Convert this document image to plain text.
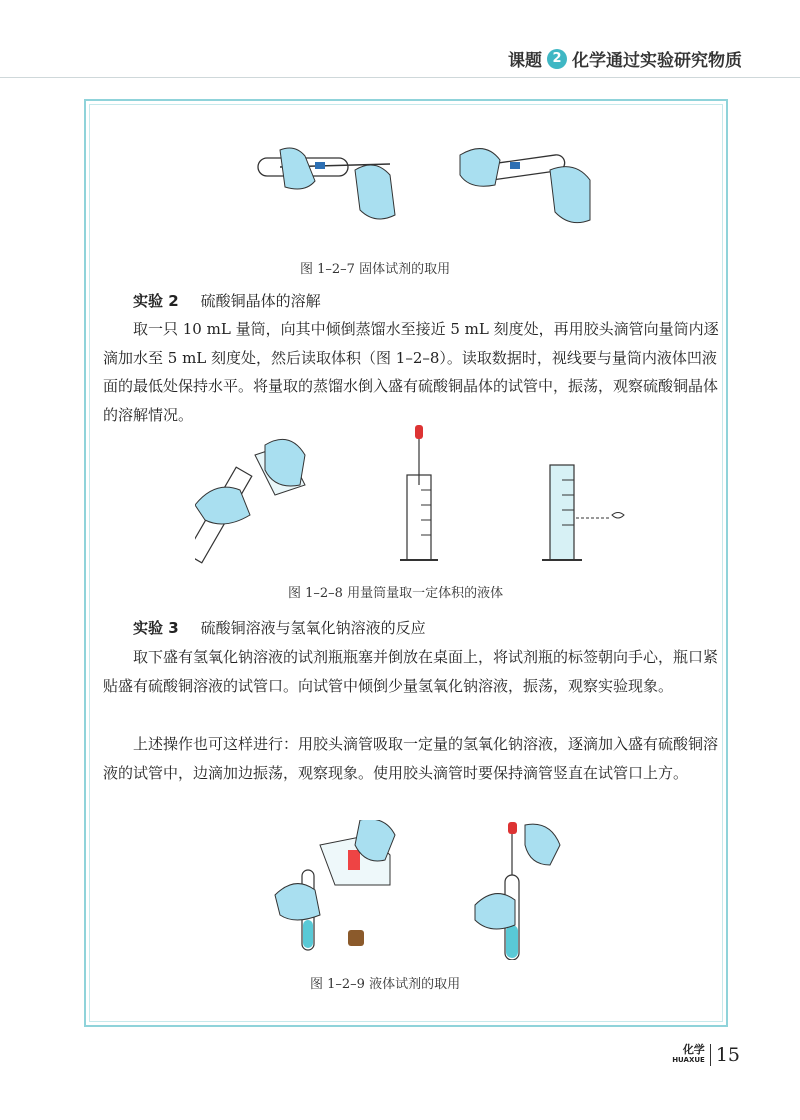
课题 2 化学通过实验研究物质
图 1–2–7 固体试剂的取用
实验 2 硫酸铜晶体的溶解
取一只 10 mL 量筒，向其中倾倒蒸馏水至接近 5 mL 刻度处，再用胶头滴管向量筒内逐滴加水至 5 mL 刻度处，然后读取体积（图 1–2–8）。读取数据时，视线要与量筒内液体凹液面的最低处保持水平。将量取的蒸馏水倒入盛有硫酸铜晶体的试管中，振荡，观察硫酸铜晶体的溶解情况。
图 1–2–8 用量筒量取一定体积的液体
实验 3 硫酸铜溶液与氢氧化钠溶液的反应
取下盛有氢氧化钠溶液的试剂瓶瓶塞并倒放在桌面上，将试剂瓶的标签朝向手心，瓶口紧贴盛有硫酸铜溶液的试管口。向试管中倾倒少量氢氧化钠溶液，振荡，观察实验现象。
上述操作也可这样进行：用胶头滴管吸取一定量的氢氧化钠溶液，逐滴加入盛有硫酸铜溶液的试管中，边滴加边振荡，观察现象。使用胶头滴管时要保持滴管竖直在试管口上方。
图 1–2–9 液体试剂的取用
化学
HUAXUE 15
